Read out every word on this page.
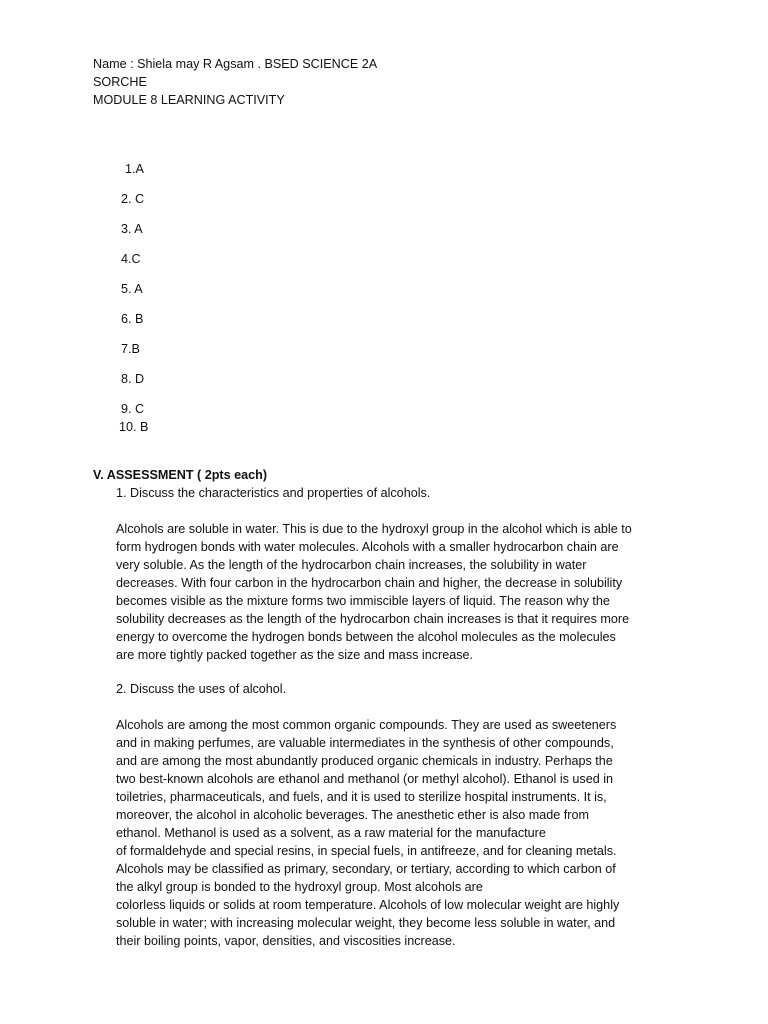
Name : Shiela may R Agsam . BSED SCIENCE 2A
SORCHE
MODULE 8 LEARNING ACTIVITY
1.A
2. C
3. A
4.C
5. A
6. B
7.B
8. D
9. C
10. B
V. ASSESSMENT ( 2pts each)
1. Discuss the characteristics and properties of alcohols.
Alcohols are soluble in water. This is due to the hydroxyl group in the alcohol which is able to
form hydrogen bonds with water molecules. Alcohols with a smaller hydrocarbon chain are
very soluble. As the length of the hydrocarbon chain increases, the solubility in water
decreases. With four carbon in the hydrocarbon chain and higher, the decrease in solubility
becomes visible as the mixture forms two immiscible layers of liquid. The reason why the
solubility decreases as the length of the hydrocarbon chain increases is that it requires more
energy to overcome the hydrogen bonds between the alcohol molecules as the molecules
are more tightly packed together as the size and mass increase.
2. Discuss the uses of alcohol.
Alcohols are among the most common organic compounds. They are used as sweeteners
and in making perfumes, are valuable intermediates in the synthesis of other compounds,
and are among the most abundantly produced organic chemicals in industry. Perhaps the
two best-known alcohols are ethanol and methanol (or methyl alcohol). Ethanol is used in
toiletries, pharmaceuticals, and fuels, and it is used to sterilize hospital instruments. It is,
moreover, the alcohol in alcoholic beverages. The anesthetic ether is also made from
ethanol. Methanol is used as a solvent, as a raw material for the manufacture
of formaldehyde and special resins, in special fuels, in antifreeze, and for cleaning metals.
Alcohols may be classified as primary, secondary, or tertiary, according to which carbon of
the alkyl group is bonded to the hydroxyl group. Most alcohols are
colorless liquids or solids at room temperature. Alcohols of low molecular weight are highly
soluble in water; with increasing molecular weight, they become less soluble in water, and
their boiling points, vapor, densities, and viscosities increase.
